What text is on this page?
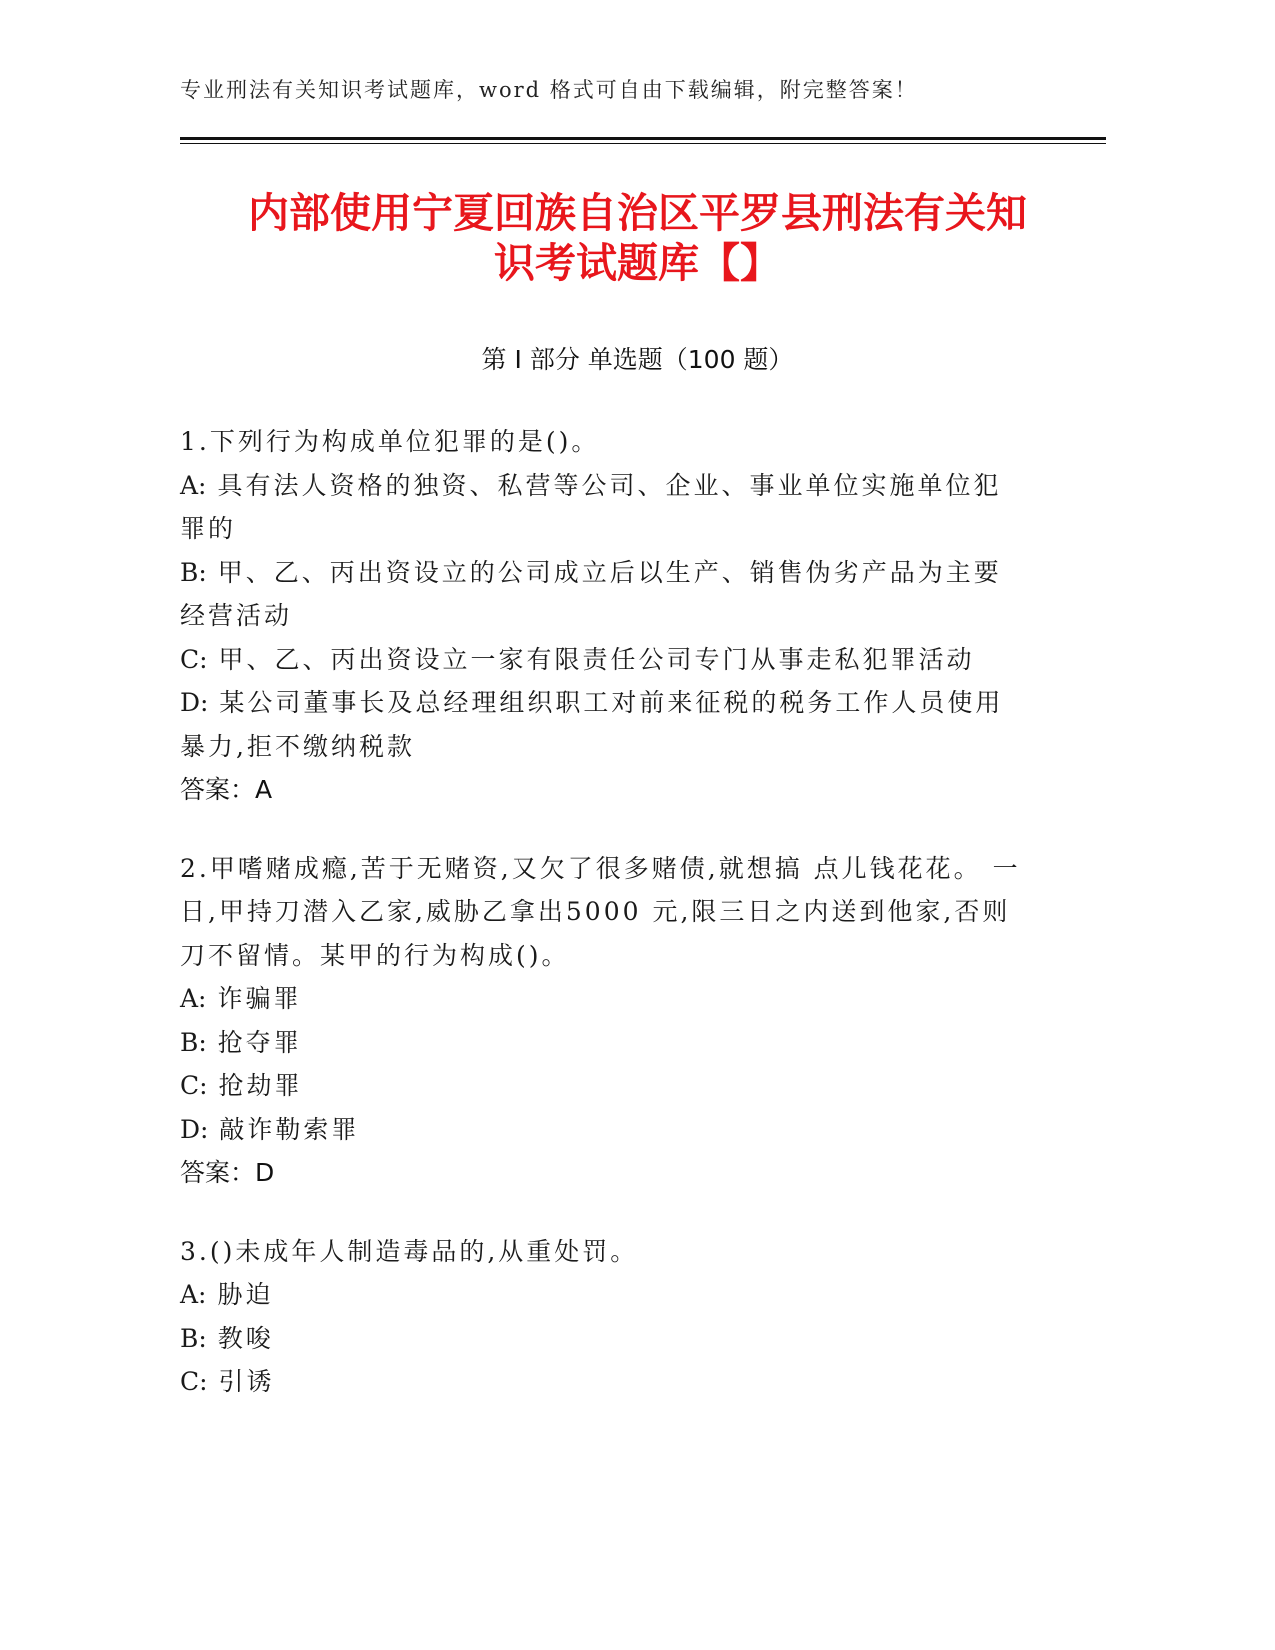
专业刑法有关知识考试题库，word 格式可自由下载编辑，附完整答案！
内部使用宁夏回族自治区平罗县刑法有关知
识考试题库【】
第 I 部分 单选题（100 题）
1.下列行为构成单位犯罪的是()。
A: 具有法人资格的独资、私营等公司、企业、事业单位实施单位犯罪的
B: 甲、乙、丙出资设立的公司成立后以生产、销售伪劣产品为主要经营活动
C: 甲、乙、丙出资设立一家有限责任公司专门从事走私犯罪活动
D: 某公司董事长及总经理组织职工对前来征税的税务工作人员使用暴力,拒不缴纳税款
答案：A
2.甲嗜赌成瘾,苦于无赌资,又欠了很多赌债,就想搞 点儿钱花花。 一日,甲持刀潜入乙家,威胁乙拿出5000 元,限三日之内送到他家,否则刀不留情。某甲的行为构成()。
A: 诈骗罪
B: 抢夺罪
C: 抢劫罪
D: 敲诈勒索罪
答案：D
3.()未成年人制造毒品的,从重处罚。
A: 胁迫
B: 教唆
C: 引诱
